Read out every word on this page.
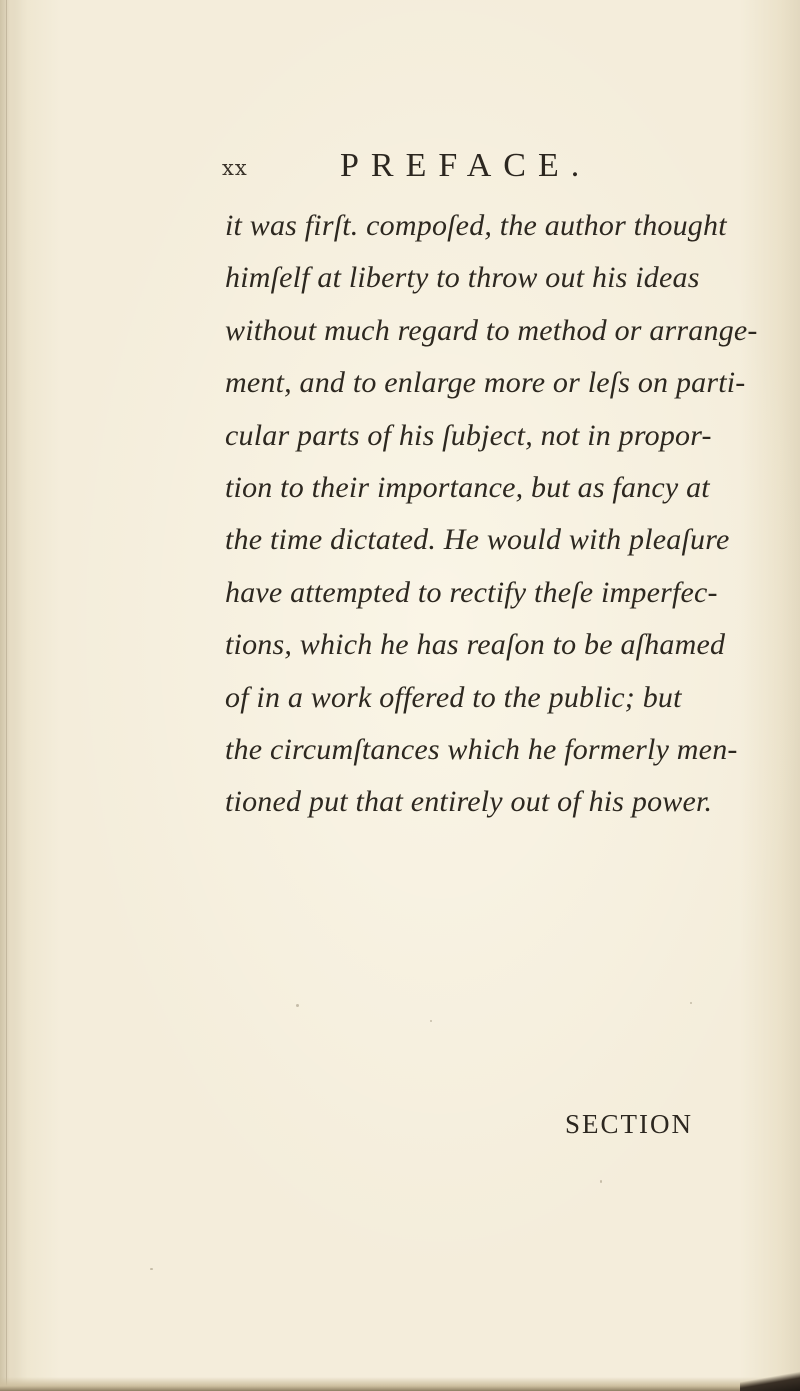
xx	PREFACE.
it was firſt. compoſed, the author thought
himſelf at liberty to throw out his ideas
without much regard to method or arrange-
ment, and to enlarge more or leſs on parti-
cular parts of his ſubject, not in propor-
tion to their importance, but as fancy at
the time dictated. He would with pleaſure
have attempted to rectify theſe imperfec-
tions, which he has reaſon to be aſhamed
of in a work offered to the public; but
the circumſtances which he formerly men-
tioned put that entirely out of his power.
SECTION
